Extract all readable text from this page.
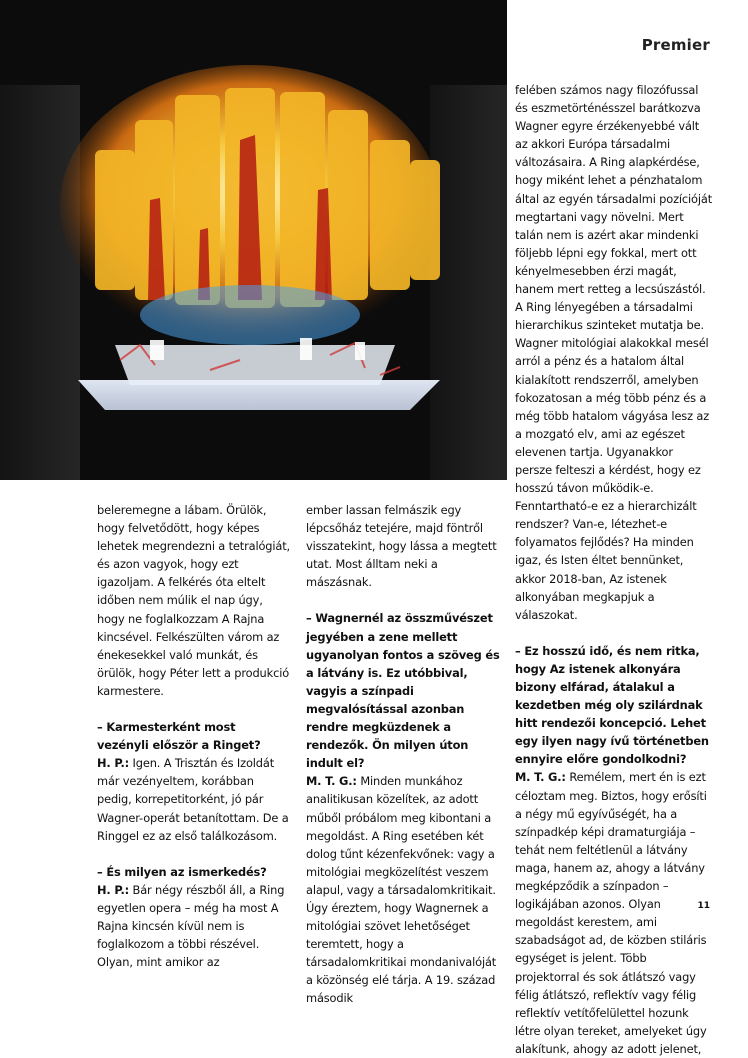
Premier

beleremegne a lábam. Örülök, hogy felvetődött, hogy képes lehetek megrendezni a tetralógiát, és azon vagyok, hogy ezt igazoljam. A felkérés óta eltelt időben nem múlik el nap úgy, hogy ne foglalkozzam A Rajna kincsével. Felkészülten várom az énekesekkel való munkát, és örülök, hogy Péter lett a produkció karmestere.

– Karmesterként most vezényli először a Ringet?

H. P.: Igen. A Trisztán és Izoldát már vezényeltem, korábban pedig, korrepetitorként, jó pár Wagner-operát betanítottam. De a Ringgel ez az első találkozásom.

– És milyen az ismerkedés?

H. P.: Bár négy részből áll, a Ring egyetlen opera – még ha most A Rajna kincsén kívül nem is foglalkozom a többi részével. Olyan, mint amikor az

ember lassan felmászik egy lépcsőház tetejére, majd föntről visszatekint, hogy lássa a megtett utat. Most álltam neki a mászásnak.

– Wagnernél az összművészet jegyében a zene mellett ugyanolyan fontos a szöveg és a látvány is. Ez utóbbival, vagyis a színpadi megvalósítással azonban rendre megküzdenek a rendezők. Ön milyen úton indult el?

M. T. G.: Minden munkához analitikusan közelítek, az adott műből próbálom meg kibontani a megoldást. A Ring esetében két dolog tűnt kézenfekvőnek: vagy a mitológiai megközelítést veszem alapul, vagy a társadalomkritikait. Úgy éreztem, hogy Wagnernek a mitológiai szövet lehetőséget teremtett, hogy a társadalomkritikai mondanivalóját a közönség elé tárja. A 19. század második

felében számos nagy filozófussal és eszmetörténésszel barátkozva Wagner egyre érzékenyebbé vált az akkori Európa társadalmi változásaira. A Ring alapkérdése, hogy miként lehet a pénzhatalom által az egyén társadalmi pozícióját megtartani vagy növelni. Mert talán nem is azért akar mindenki följebb lépni egy fokkal, mert ott kényelmesebben érzi magát, hanem mert retteg a lecsúszástól. A Ring lényegében a társadalmi hierarchikus szinteket mutatja be. Wagner mitológiai alakokkal mesél arról a pénz és a hatalom által kialakított rendszerről, amelyben fokozatosan a még több pénz és a még több hatalom vágyása lesz az a mozgató elv, ami az egészet elevenen tartja. Ugyanakkor persze felteszi a kérdést, hogy ez hosszú távon működik-e. Fenntartható-e ez a hierarchizált rendszer? Van-e, létezhet-e folyamatos fejlődés? Ha minden igaz, és Isten éltet bennünket, akkor 2018-ban, Az istenek alkonyában megkapjuk a válaszokat.

– Ez hosszú idő, és nem ritka, hogy Az istenek alkonyára bizony elfárad, átalakul a kezdetben még oly szilárdnak hitt rendezői koncepció. Lehet egy ilyen nagy ívű történetben ennyire előre gondolkodni?

M. T. G.: Remélem, mert én is ezt céloztam meg. Biztos, hogy erősíti a négy mű egyívűségét, ha a színpadkép képi dramaturgiája – tehát nem feltétlenül a látvány maga, hanem az, ahogy a látvány megképződik a színpadon – logikájában azonos. Olyan megoldást kerestem, ami szabadságot ad, de közben stiláris egységet is jelent. Több projektorral és sok átlátszó vagy félig átlátszó, reflektív vagy félig reflektív vetítőfelülettel hozunk létre olyan tereket, amelyeket úgy alakítunk, ahogy az adott jelenet,

11
